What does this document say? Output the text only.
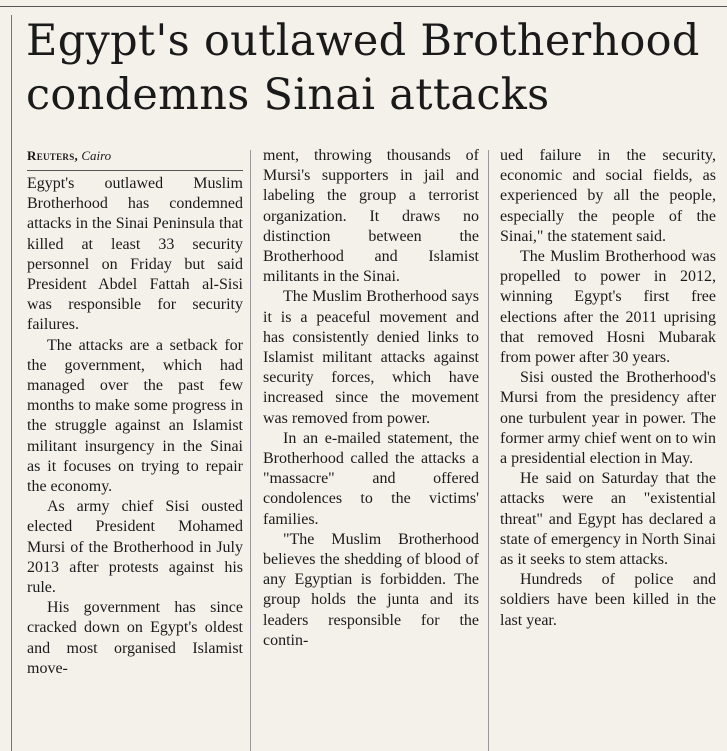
Egypt's outlawed Brotherhood condemns Sinai attacks

Reuters, Cairo

Egypt's outlawed Muslim Brotherhood has condemned attacks in the Sinai Peninsula that killed at least 33 security personnel on Friday but said President Abdel Fattah al-Sisi was responsible for security failures.

The attacks are a setback for the government, which had managed over the past few months to make some progress in the struggle against an Islamist militant insurgency in the Sinai as it focuses on trying to repair the economy.

As army chief Sisi ousted elected President Mohamed Mursi of the Brotherhood in July 2013 after protests against his rule.

His government has since cracked down on Egypt's oldest and most organised Islamist move-

ment, throwing thousands of Mursi's supporters in jail and labeling the group a terrorist organization. It draws no distinction between the Brotherhood and Islamist militants in the Sinai.

The Muslim Brotherhood says it is a peaceful movement and has consistently denied links to Islamist militant attacks against security forces, which have increased since the movement was removed from power.

In an e-mailed statement, the Brotherhood called the attacks a "massacre" and offered condolences to the victims' families.

"The Muslim Brotherhood believes the shedding of blood of any Egyptian is forbidden. The group holds the junta and its leaders responsible for the contin-

ued failure in the security, economic and social fields, as experienced by all the people, especially the people of the Sinai," the statement said.

The Muslim Brotherhood was propelled to power in 2012, winning Egypt's first free elections after the 2011 uprising that removed Hosni Mubarak from power after 30 years.

Sisi ousted the Brotherhood's Mursi from the presidency after one turbulent year in power. The former army chief went on to win a presidential election in May.

He said on Saturday that the attacks were an "existential threat" and Egypt has declared a state of emergency in North Sinai as it seeks to stem attacks.

Hundreds of police and soldiers have been killed in the last year.
